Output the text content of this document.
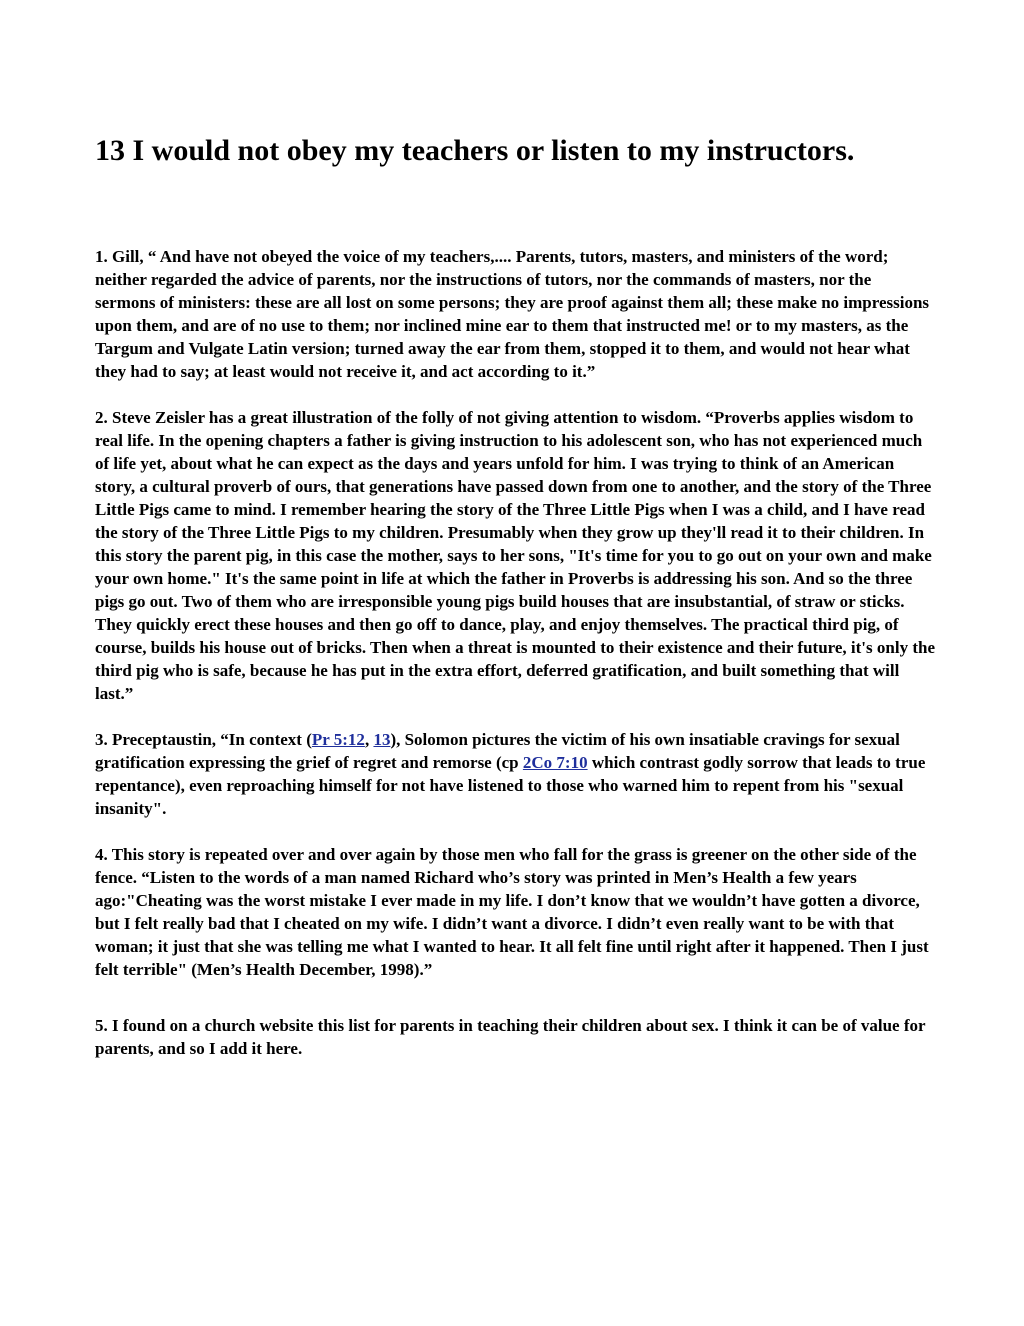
13 I would not obey my teachers or listen to my instructors.

1. Gill, “ And have not obeyed the voice of my teachers,.... Parents, tutors, masters, and ministers of the word; neither regarded the advice of parents, nor the instructions of tutors, nor the commands of masters, nor the sermons of ministers: these are all lost on some persons; they are proof against them all; these make no impressions upon them, and are of no use to them; nor inclined mine ear to them that instructed me! or to my masters, as the Targum and Vulgate Latin version; turned away the ear from them, stopped it to them, and would not hear what they had to say; at least would not receive it, and act according to it.”

2. Steve Zeisler has a great illustration of the folly of not giving attention to wisdom. “Proverbs applies wisdom to real life. In the opening chapters a father is giving instruction to his adolescent son, who has not experienced much of life yet, about what he can expect as the days and years unfold for him. I was trying to think of an American story, a cultural proverb of ours, that generations have passed down from one to another, and the story of the Three Little Pigs came to mind. I remember hearing the story of the Three Little Pigs when I was a child, and I have read the story of the Three Little Pigs to my children. Presumably when they grow up they'll read it to their children. In this story the parent pig, in this case the mother, says to her sons, "It's time for you to go out on your own and make your own home." It's the same point in life at which the father in Proverbs is addressing his son. And so the three pigs go out. Two of them who are irresponsible young pigs build houses that are insubstantial, of straw or sticks. They quickly erect these houses and then go off to dance, play, and enjoy themselves. The practical third pig, of course, builds his house out of bricks. Then when a threat is mounted to their existence and their future, it's only the third pig who is safe, because he has put in the extra effort, deferred gratification, and built something that will last.”

3. Preceptaustin, “In context (Pr 5:12, 13), Solomon pictures the victim of his own insatiable cravings for sexual gratification expressing the grief of regret and remorse (cp 2Co 7:10 which contrast godly sorrow that leads to true repentance), even reproaching himself for not have listened to those who warned him to repent from his "sexual insanity".

4. This story is repeated over and over again by those men who fall for the grass is greener on the other side of the fence. “Listen to the words of a man named Richard who’s story was printed in Men’s Health a few years ago:"Cheating was the worst mistake I ever made in my life. I don’t know that we wouldn’t have gotten a divorce, but I felt really bad that I cheated on my wife. I didn’t want a divorce. I didn’t even really want to be with that woman; it just that she was telling me what I wanted to hear. It all felt fine until right after it happened. Then I just felt terrible" (Men’s Health December, 1998).”

5. I found on a church website this list for parents in teaching their children about sex. I think it can be of value for parents, and so I add it here.
